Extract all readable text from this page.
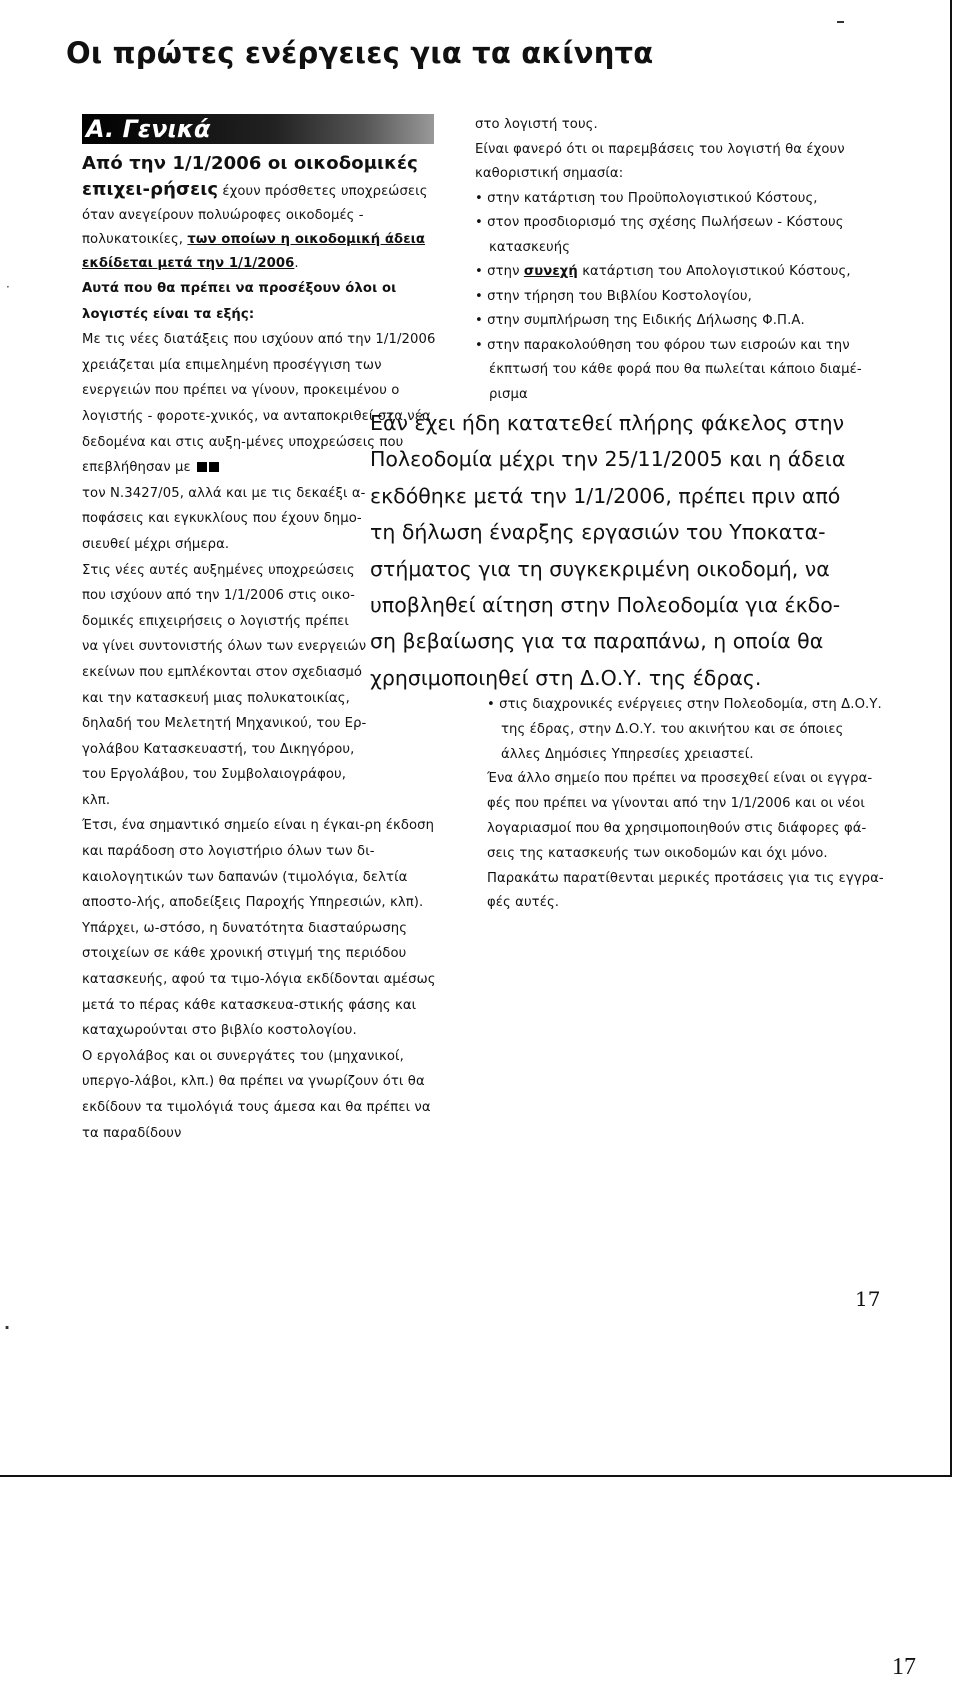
·
.
Οι πρώτες ενέργειες για τα ακίνητα
A. Γενικά

Από την 1/1/2006 οι οικοδομικές επιχει-ρήσεις έχουν πρόσθετες υποχρεώσεις όταν ανεγείρουν πολυώροφες οικοδομές - πολυκατοικίες, των οποίων η οικοδομική άδεια εκδίδεται μετά την 1/1/2006.

Αυτά που θα πρέπει να προσέξουν όλοι οι λογιστές είναι τα εξής:

Με τις νέες διατάξεις που ισχύουν από την 1/1/2006 χρειάζεται μία επιμελημένη προσέγγιση των ενεργειών που πρέπει να γίνουν, προκειμένου ο λογιστής - φοροτε-χνικός, να ανταποκριθεί στα νέα δεδομένα και στις αυξη-μένες υποχρεώσεις που επεβλήθησαν με

τον Ν.3427/05, αλλά και με τις δεκαέξι α-ποφάσεις και εγκυκλίους που έχουν δημο-σιευθεί μέχρι σήμερα.

Στις νέες αυτές αυξημένες υποχρεώσεις που ισχύουν από την 1/1/2006 στις οικο-δομικές επιχειρήσεις ο λογιστής πρέπει να γίνει συντονιστής όλων των ενεργειών εκείνων που εμπλέκονται στον σχεδιασμό και την κατασκευή μιας πολυκατοικίας, δηλαδή του Μελετητή Μηχανικού, του Ερ-γολάβου Κατασκευαστή, του Δικηγόρου, του Εργολάβου, του Συμβολαιογράφου, κλπ.

Έτσι, ένα σημαντικό σημείο είναι η έγκαι-ρη έκδοση και παράδοση στο λογιστήριο όλων των δι-καιολογητικών των δαπανών (τιμολόγια, δελτία αποστο-λής, αποδείξεις Παροχής Υπηρεσιών, κλπ). Υπάρχει, ω-στόσο, η δυνατότητα διασταύρωσης στοιχείων σε κάθε χρονική στιγμή της περιόδου κατασκευής, αφού τα τιμο-λόγια εκδίδονται αμέσως μετά το πέρας κάθε κατασκευα-στικής φάσης και καταχωρούνται στο βιβλίο κοστολογίου.

Ο εργολάβος και οι συνεργάτες του (μηχανικοί, υπεργο-λάβοι, κλπ.) θα πρέπει να γνωρίζουν ότι θα εκδίδουν τα τιμολόγιά τους άμεσα και θα πρέπει να τα παραδίδουν

στο λογιστή τους.

Είναι φανερό ότι οι παρεμβάσεις του λογιστή θα έχουν καθοριστική σημασία:

• στην κατάρτιση του Προϋπολογιστικού Κόστους,

• στον προσδιορισμό της σχέσης Πωλήσεων - Κόστους κατασκευής

• στην συνεχή κατάρτιση του Απολογιστικού Κόστους,

• στην τήρηση του Βιβλίου Κοστολογίου,

• στην συμπλήρωση της Ειδικής Δήλωσης Φ.Π.Α.

• στην παρακολούθηση του φόρου των εισροών και την έκπτωσή του κάθε φορά που θα πωλείται κάποιο διαμέ-ρισμα

Εάν έχει ήδη κατατεθεί πλήρης φάκελος στην Πολεοδομία μέχρι την 25/11/2005 και η άδεια εκδόθηκε μετά την 1/1/2006, πρέπει πριν από τη δήλωση έναρξης εργασιών του Υποκατα-στήματος για τη συγκεκριμένη οικοδομή, να υποβληθεί αίτηση στην Πολεοδομία για έκδο-ση βεβαίωσης για τα παραπάνω, η οποία θα χρησιμοποιηθεί στη Δ.Ο.Υ. της έδρας.

• στις διαχρονικές ενέργειες στην Πολεοδομία, στη Δ.Ο.Υ. της έδρας, στην Δ.Ο.Υ. του ακινήτου και σε όποιες άλλες Δημόσιες Υπηρεσίες χρειαστεί.

Ένα άλλο σημείο που πρέπει να προσεχθεί είναι οι εγγρα-φές που πρέπει να γίνονται από την 1/1/2006 και οι νέοι λογαριασμοί που θα χρησιμοποιηθούν στις διάφορες φά-σεις της κατασκευής των οικοδομών και όχι μόνο.

Παρακάτω παρατίθενται μερικές προτάσεις για τις εγγρα-φές αυτές.

17
17
